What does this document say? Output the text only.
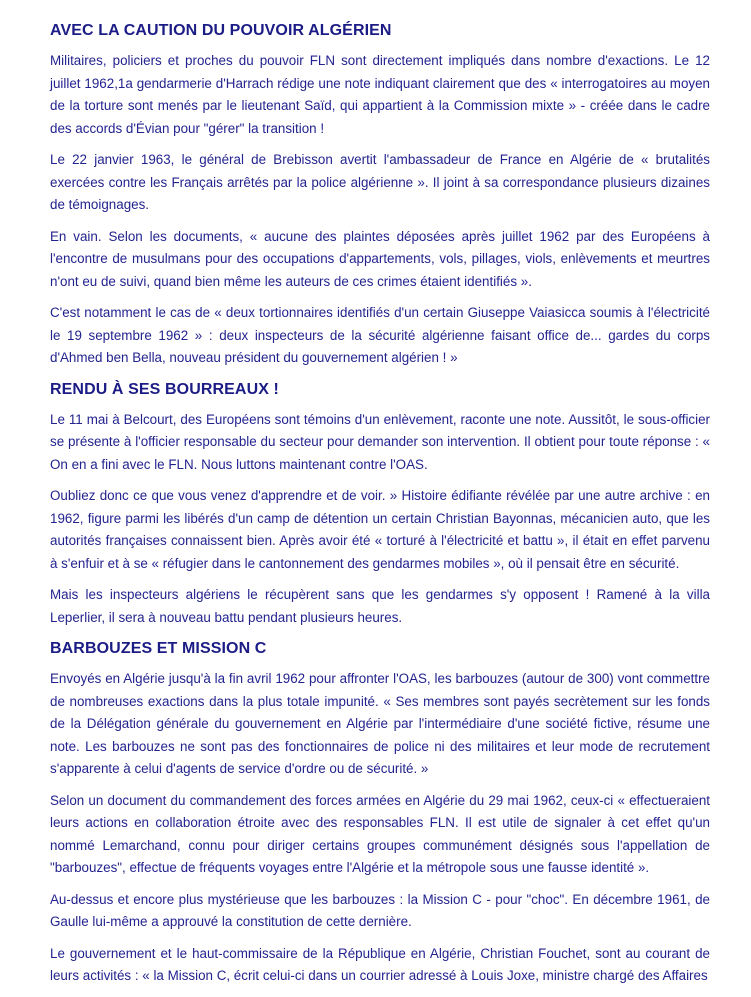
AVEC LA CAUTION DU POUVOIR ALGÉRIEN

Militaires, policiers et proches du pouvoir FLN sont directement impliqués dans nombre d'exactions. Le 12 juillet 1962,1a gendarmerie d'Harrach rédige une note indiquant clairement que des « interrogatoires au moyen de la torture sont menés par le lieutenant Saïd, qui appartient à la Commission mixte » - créée dans le cadre des accords d'Évian pour "gérer" la transition !

Le 22 janvier 1963, le général de Brebisson avertit l'ambassadeur de France en Algérie de « brutalités exercées contre les Français arrêtés par la police algérienne ». Il joint à sa correspondance plusieurs dizaines de témoignages.

En vain. Selon les documents, « aucune des plaintes déposées après juillet 1962 par des Européens à l'encontre de musulmans pour des occupations d'appartements, vols, pillages, viols, enlèvements et meurtres n'ont eu de suivi, quand bien même les auteurs de ces crimes étaient identifiés ».

C'est notamment le cas de « deux tortionnaires identifiés d'un certain Giuseppe Vaiasicca soumis à l'électricité le 19 septembre 1962 » : deux inspecteurs de la sécurité algérienne faisant office de... gardes du corps d'Ahmed ben Bella, nouveau président du gouvernement algérien ! »

RENDU À SES BOURREAUX !

Le 11 mai à Belcourt, des Européens sont témoins d'un enlèvement, raconte une note. Aussitôt, le sous-officier se présente à l'officier responsable du secteur pour demander son intervention. Il obtient pour toute réponse : « On en a fini avec le FLN. Nous luttons maintenant contre l'OAS.

Oubliez donc ce que vous venez d'apprendre et de voir. » Histoire édifiante révélée par une autre archive : en 1962, figure parmi les libérés d'un camp de détention un certain Christian Bayonnas, mécanicien auto, que les autorités françaises connaissent bien. Après avoir été « torturé à l'électricité et battu », il était en effet parvenu à s'enfuir et à se « réfugier dans le cantonnement des gendarmes mobiles », où il pensait être en sécurité.

Mais les inspecteurs algériens le récupèrent sans que les gendarmes s'y opposent ! Ramené à la villa Leperlier, il sera à nouveau battu pendant plusieurs heures.

BARBOUZES ET MISSION C

Envoyés en Algérie jusqu'à la fin avril 1962 pour affronter l'OAS, les barbouzes (autour de 300) vont commettre de nombreuses exactions dans la plus totale impunité. « Ses membres sont payés secrètement sur les fonds de la Délégation générale du gouvernement en Algérie par l'intermédiaire d'une société fictive, résume une note. Les barbouzes ne sont pas des fonctionnaires de police ni des militaires et leur mode de recrutement s'apparente à celui d'agents de service d'ordre ou de sécurité. »

Selon un document du commandement des forces armées en Algérie du 29 mai 1962, ceux-ci « effectueraient leurs actions en collaboration étroite avec des responsables FLN. Il est utile de signaler à cet effet qu'un nommé Lemarchand, connu pour diriger certains groupes communément désignés sous l'appellation de "barbouzes", effectue de fréquents voyages entre l'Algérie et la métropole sous une fausse identité ».

Au-dessus et encore plus mystérieuse que les barbouzes : la Mission C - pour "choc". En décembre 1961, de Gaulle lui-même a approuvé la constitution de cette dernière.

Le gouvernement et le haut-commissaire de la République en Algérie, Christian Fouchet, sont au courant de leurs activités : « la Mission C, écrit celui-ci dans un courrier adressé à Louis Joxe, ministre chargé des Affaires
